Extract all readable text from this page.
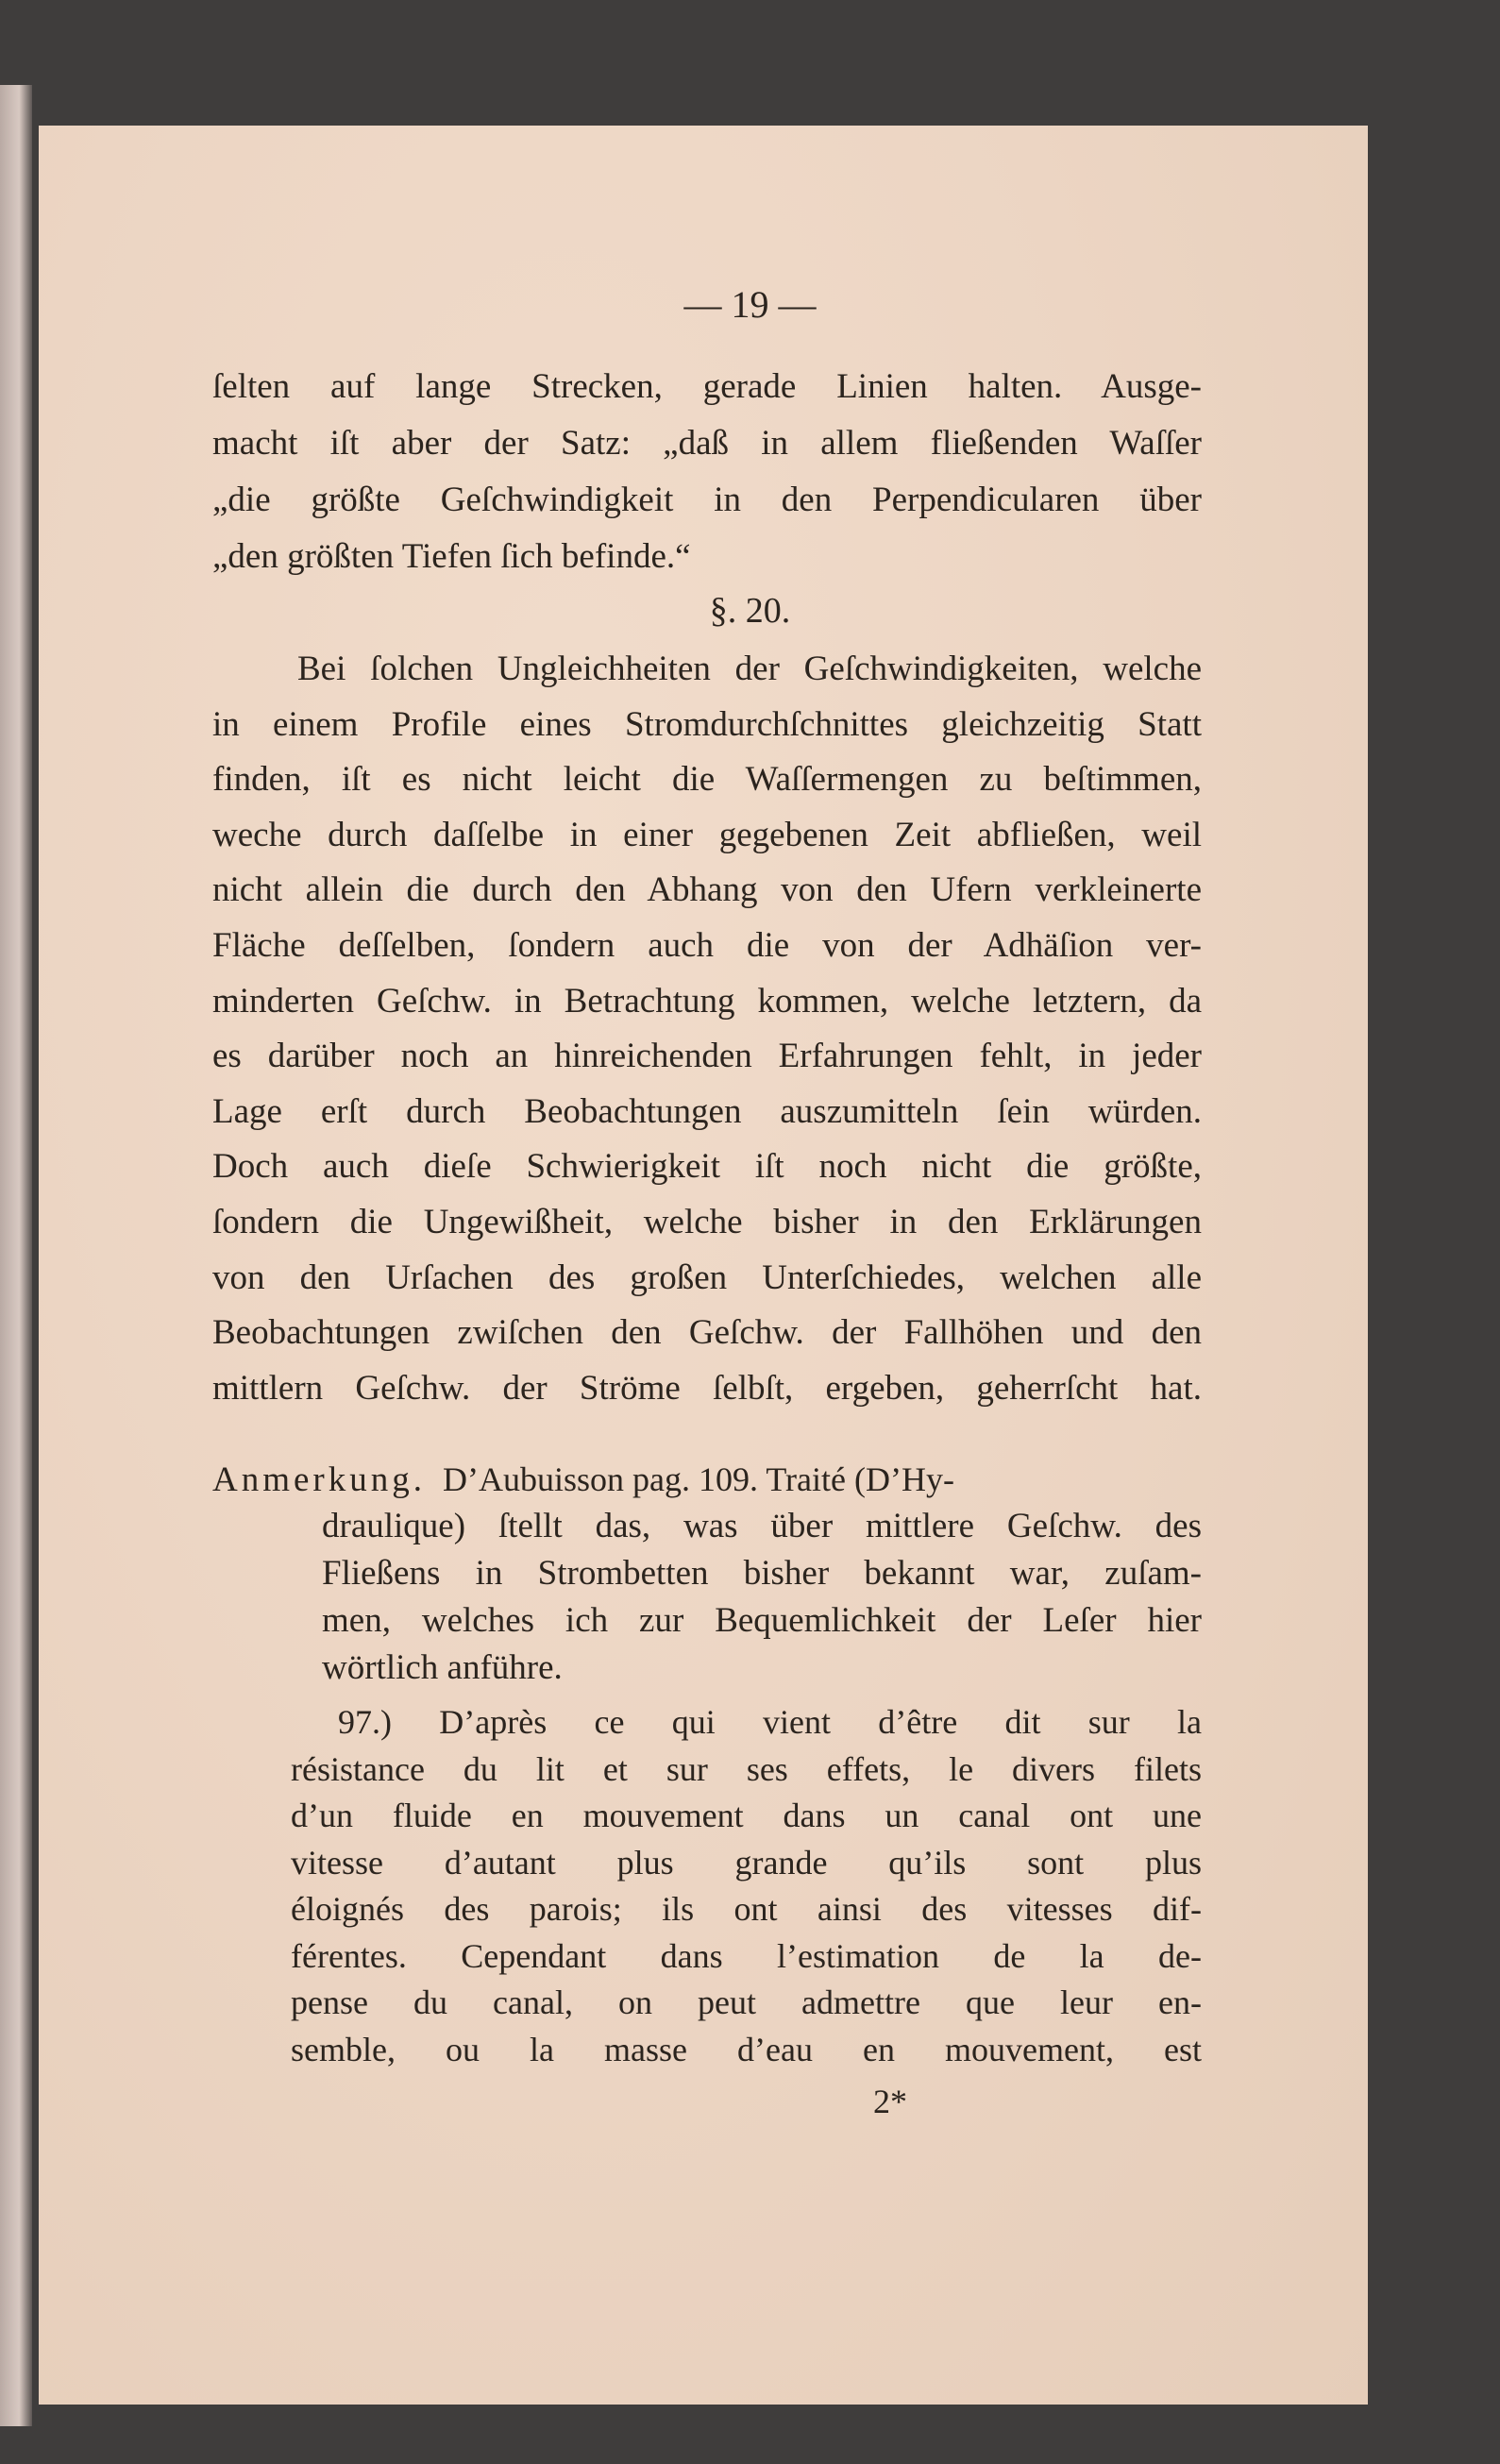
— 19 —
ſelten auf lange Strecken, gerade Linien halten. Ausge-
macht iſt aber der Satz: „daß in allem fließenden Waſſer
„die größte Geſchwindigkeit in den Perpendicularen über
„den größten Tiefen ſich befinde.“
§. 20.
Bei ſolchen Ungleichheiten der Geſchwindigkeiten, welche
in einem Profile eines Stromdurchſchnittes gleichzeitig Statt
finden, iſt es nicht leicht die Waſſermengen zu beſtimmen,
weche durch daſſelbe in einer gegebenen Zeit abfließen, weil
nicht allein die durch den Abhang von den Ufern verkleinerte
Fläche deſſelben, ſondern auch die von der Adhäſion ver-
minderten Geſchw. in Betrachtung kommen, welche letztern, da
es darüber noch an hinreichenden Erfahrungen fehlt, in jeder
Lage erſt durch Beobachtungen auszumitteln ſein würden.
Doch auch dieſe Schwierigkeit iſt noch nicht die größte,
ſondern die Ungewißheit, welche bisher in den Erklärungen
von den Urſachen des großen Unterſchiedes, welchen alle
Beobachtungen zwiſchen den Geſchw. der Fallhöhen und den
mittlern Geſchw. der Ströme ſelbſt, ergeben, geherrſcht hat.
Anmerkung. D’Aubuisson pag. 109. Traité (D’Hy-
draulique) ſtellt das, was über mittlere Geſchw. des
Fließens in Strombetten bisher bekannt war, zuſam-
men, welches ich zur Bequemlichkeit der Leſer hier
wörtlich anführe.
97.) D’après ce qui vient d’être dit sur la
résistance du lit et sur ses effets, le divers filets
d’un fluide en mouvement dans un canal ont une
vitesse d’autant plus grande qu’ils sont plus
éloignés des parois; ils ont ainsi des vitesses dif-
férentes. Cependant dans l’estimation de la de-
pense du canal, on peut admettre que leur en-
semble, ou la masse d’eau en mouvement, est
2*
